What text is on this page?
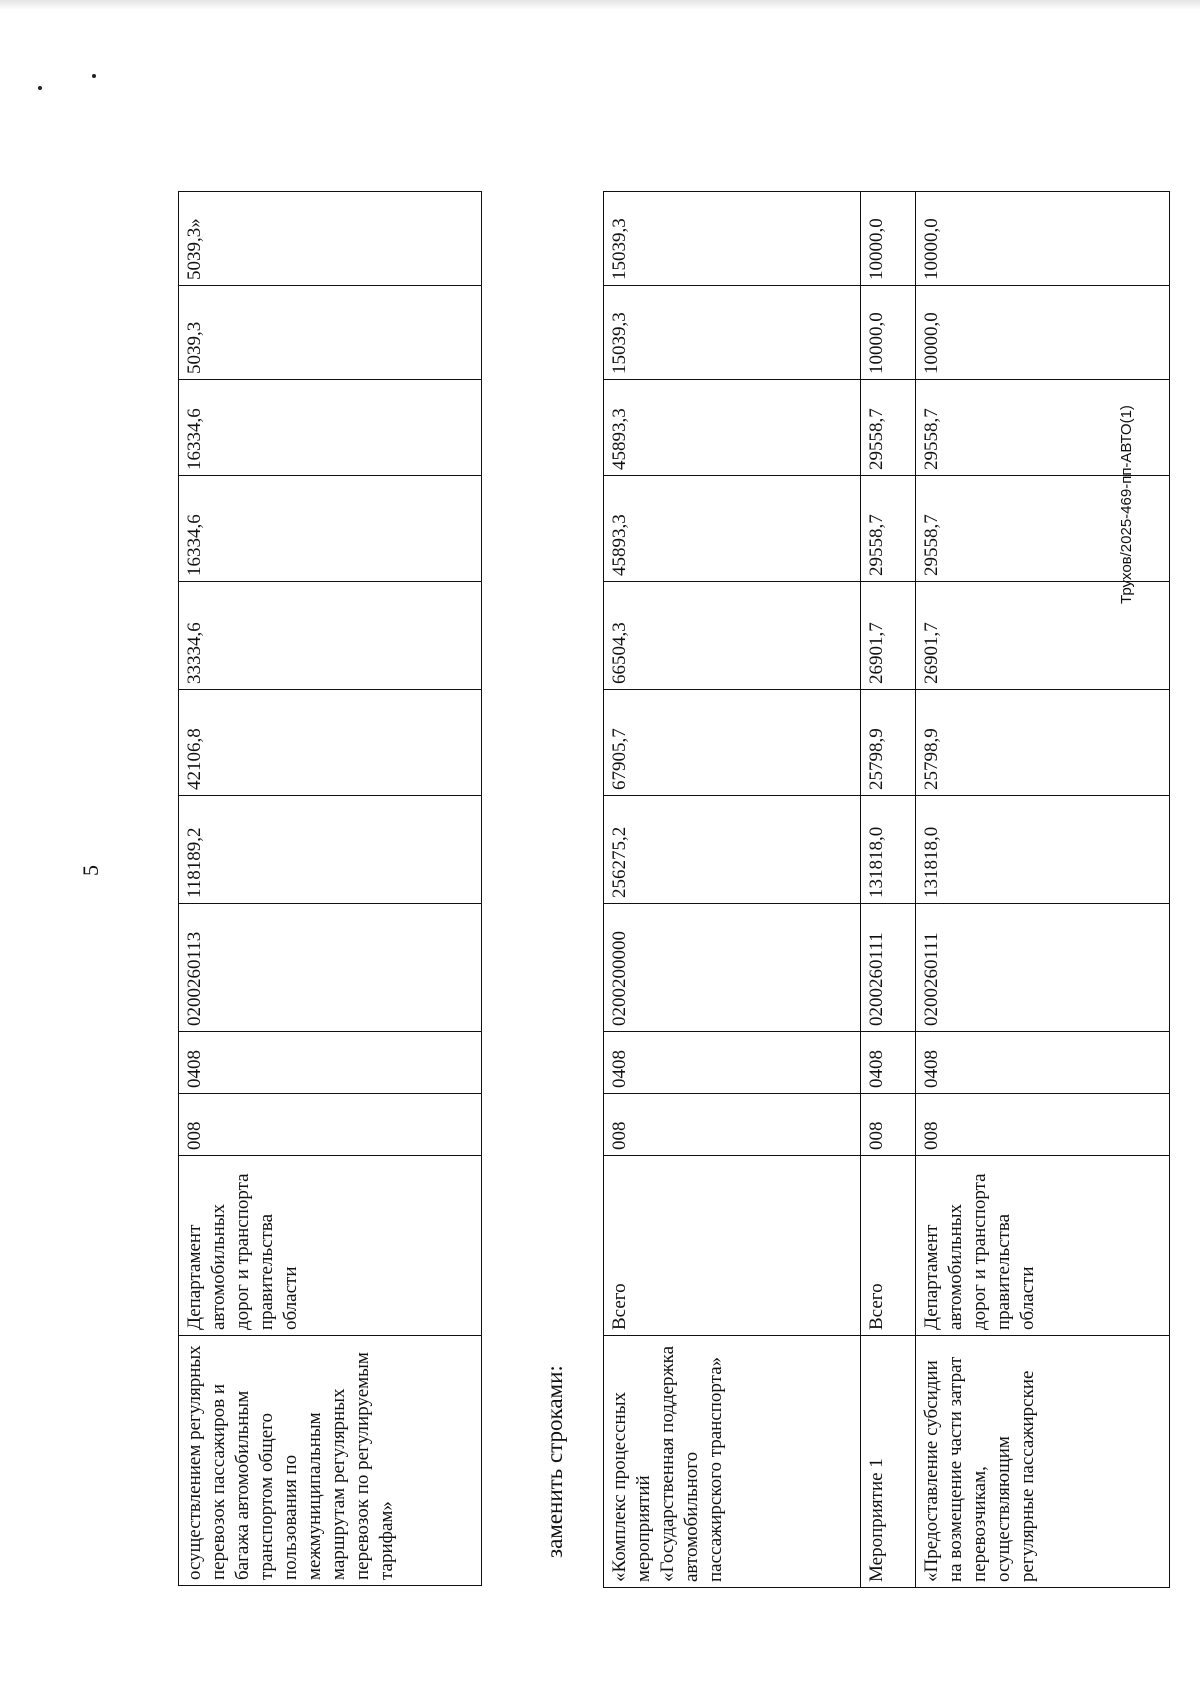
5
осуществлением регулярных перевозок пассажиров и багажа автомобильным транспортом общего пользования по межмуниципальным маршрутам регулярных перевозок по регулируемым тарифам»	Департамент автомобильных дорог и транспорта правительства области	008	0408	0200260113	118189,2	42106,8	33334,6	16334,6	16334,6	5039,3	5039,3»
заменить строками: «Комплекс процессных мероприятий «Государственная поддержка автомобильного пассажирского транспорта»	Всего	008	0408	0200200000	256275,2	67905,7	66504,3	45893,3	45893,3	15039,3	15039,3
Мероприятие 1	Всего	008	0408	0200260111	131818,0	25798,9	26901,7	29558,7	29558,7	10000,0	10000,0
«Предоставление субсидии на возмещение части затрат перевозчикам, осуществляющим регулярные пассажирские	Департамент автомобильных дорог и транспорта правительства области	008	0408	0200260111	131818,0	25798,9	26901,7	29558,7	29558,7	10000,0	10000,0
Трухов/2025-469-пп-АВТО(1)
